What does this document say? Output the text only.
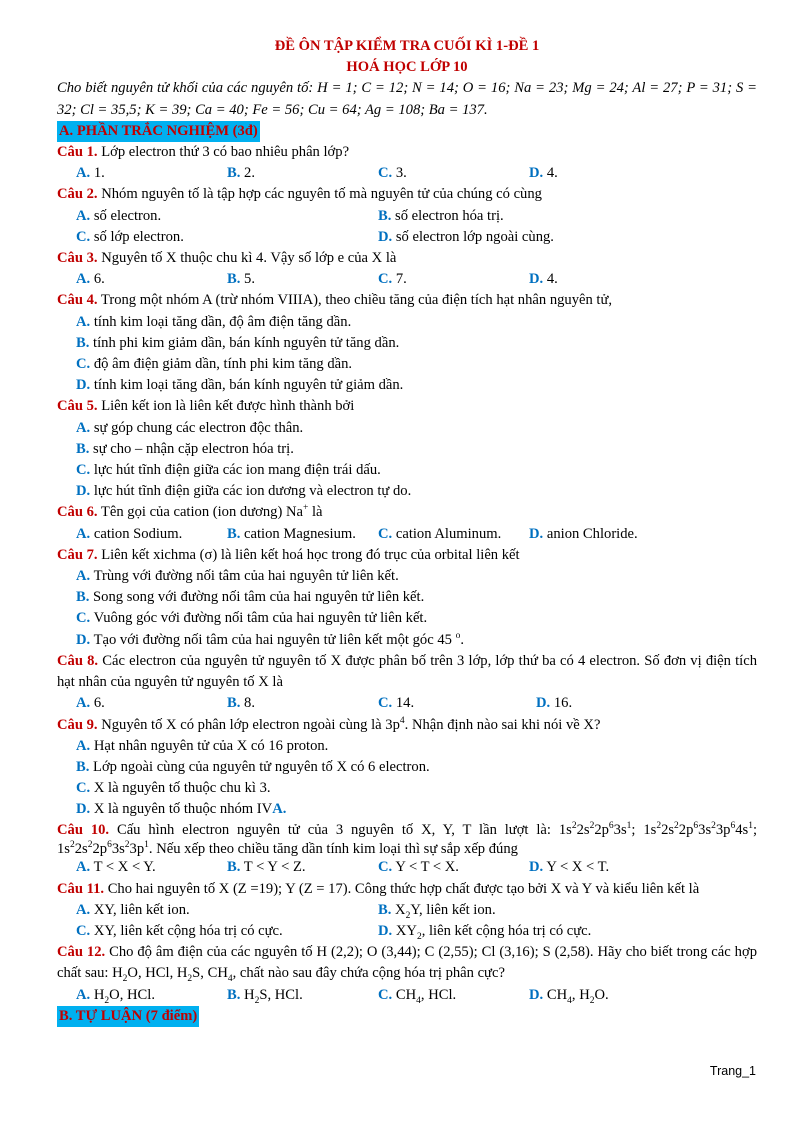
ĐỀ ÔN TẬP KIỂM TRA CUỐI KÌ 1-ĐỀ 1
HOÁ HỌC LỚP 10
Cho biết nguyên tử khối của các nguyên tố: H = 1; C = 12; N = 14; O = 16; Na = 23; Mg = 24; Al = 27; P = 31; S = 32; Cl = 35,5; K = 39; Ca = 40; Fe = 56; Cu = 64; Ag = 108; Ba = 137.
A. PHẦN TRẮC NGHIỆM (3đ)
Câu 1. Lớp electron thứ 3 có bao nhiêu phân lớp?
A. 1.	B. 2.	C. 3.	D. 4.
Câu 2. Nhóm nguyên tố là tập hợp các nguyên tố mà nguyên tử của chúng có cùng
A. số electron.	B. số electron hóa trị.
C. số lớp electron.	D. số electron lớp ngoài cùng.
Câu 3. Nguyên tố X thuộc chu kì 4. Vậy số lớp e của X là
A. 6.	B. 5.	C. 7.	D. 4.
Câu 4. Trong một nhóm A (trừ nhóm VIIIA), theo chiều tăng của điện tích hạt nhân nguyên tử,
A. tính kim loại tăng dần, độ âm điện tăng dần.
B. tính phi kim giảm dần, bán kính nguyên tử tăng dần.
C. độ âm điện giảm dần, tính phi kim tăng dần.
D. tính kim loại tăng dần, bán kính nguyên tử giảm dần.
Câu 5. Liên kết ion là liên kết được hình thành bởi
A. sự góp chung các electron độc thân.
B. sự cho – nhận cặp electron hóa trị.
C. lực hút tĩnh điện giữa các ion mang điện trái dấu.
D. lực hút tĩnh điện giữa các ion dương và electron tự do.
Câu 6. Tên gọi của cation (ion dương) Na+ là
A. cation Sodium.	B. cation Magnesium.	C. cation Aluminum.	D. anion Chloride.
Câu 7. Liên kết xichma (σ) là liên kết hoá học trong đó trục của orbital liên kết
A. Trùng với đường nối tâm của hai nguyên tử liên kết.
B. Song song với đường nối tâm của hai nguyên tử liên kết.
C. Vuông góc với đường nối tâm của hai nguyên tử liên kết.
D. Tạo với đường nối tâm của hai nguyên tử liên kết một góc 45 $^o$.
Câu 8. Các electron của nguyên tử nguyên tố X được phân bố trên 3 lớp, lớp thứ ba có 4 electron. Số đơn vị điện tích hạt nhân của nguyên tử nguyên tố X là
A. 6.	B. 8.	C. 14.	D. 16.
Câu 9. Nguyên tố X có phân lớp electron ngoài cùng là $3p^4$. Nhận định nào sai khi nói về X?
A. Hạt nhân nguyên tử của X có 16 proton.
B. Lớp ngoài cùng của nguyên tử nguyên tố X có 6 electron.
C. X là nguyên tố thuộc chu kì 3.
D. X là nguyên tố thuộc nhóm IVA.
Câu 10. Cấu hình electron nguyên tử của 3 nguyên tố X, Y, T lần lượt là: $1s^22s^22p^63s^1$; $1s^22s^22p^63s^23p^64s^1$; $1s^22s^22p^63s^23p^1$. Nếu xếp theo chiều tăng dần tính kim loại thì sự sắp xếp đúng
A. T < X < Y.	B. T < Y < Z.	C. Y < T < X.	D. Y < X < T.
Câu 11. Cho hai nguyên tố X (Z =19); Y (Z = 17). Công thức hợp chất được tạo bởi X và Y và kiểu liên kết là
A. XY, liên kết ion.	B. $X_2Y$, liên kết ion.
C. XY, liên kết cộng hóa trị có cực.	D. $XY_2$, liên kết cộng hóa trị có cực.
Câu 12. Cho độ âm điện của các nguyên tố H (2,2); O (3,44); C (2,55); Cl (3,16); S (2,58). Hãy cho biết trong các hợp chất sau: $H_2O$, HCl, $H_2S$, $CH_4$, chất nào sau đây chứa cộng hóa trị phân cực?
A. $H_2O$, HCl.	B. $H_2S$, HCl.	C. $CH_4$, HCl.	D. $CH_4$, $H_2O$.
B. TỰ LUẬN (7 điểm)
Trang_1
